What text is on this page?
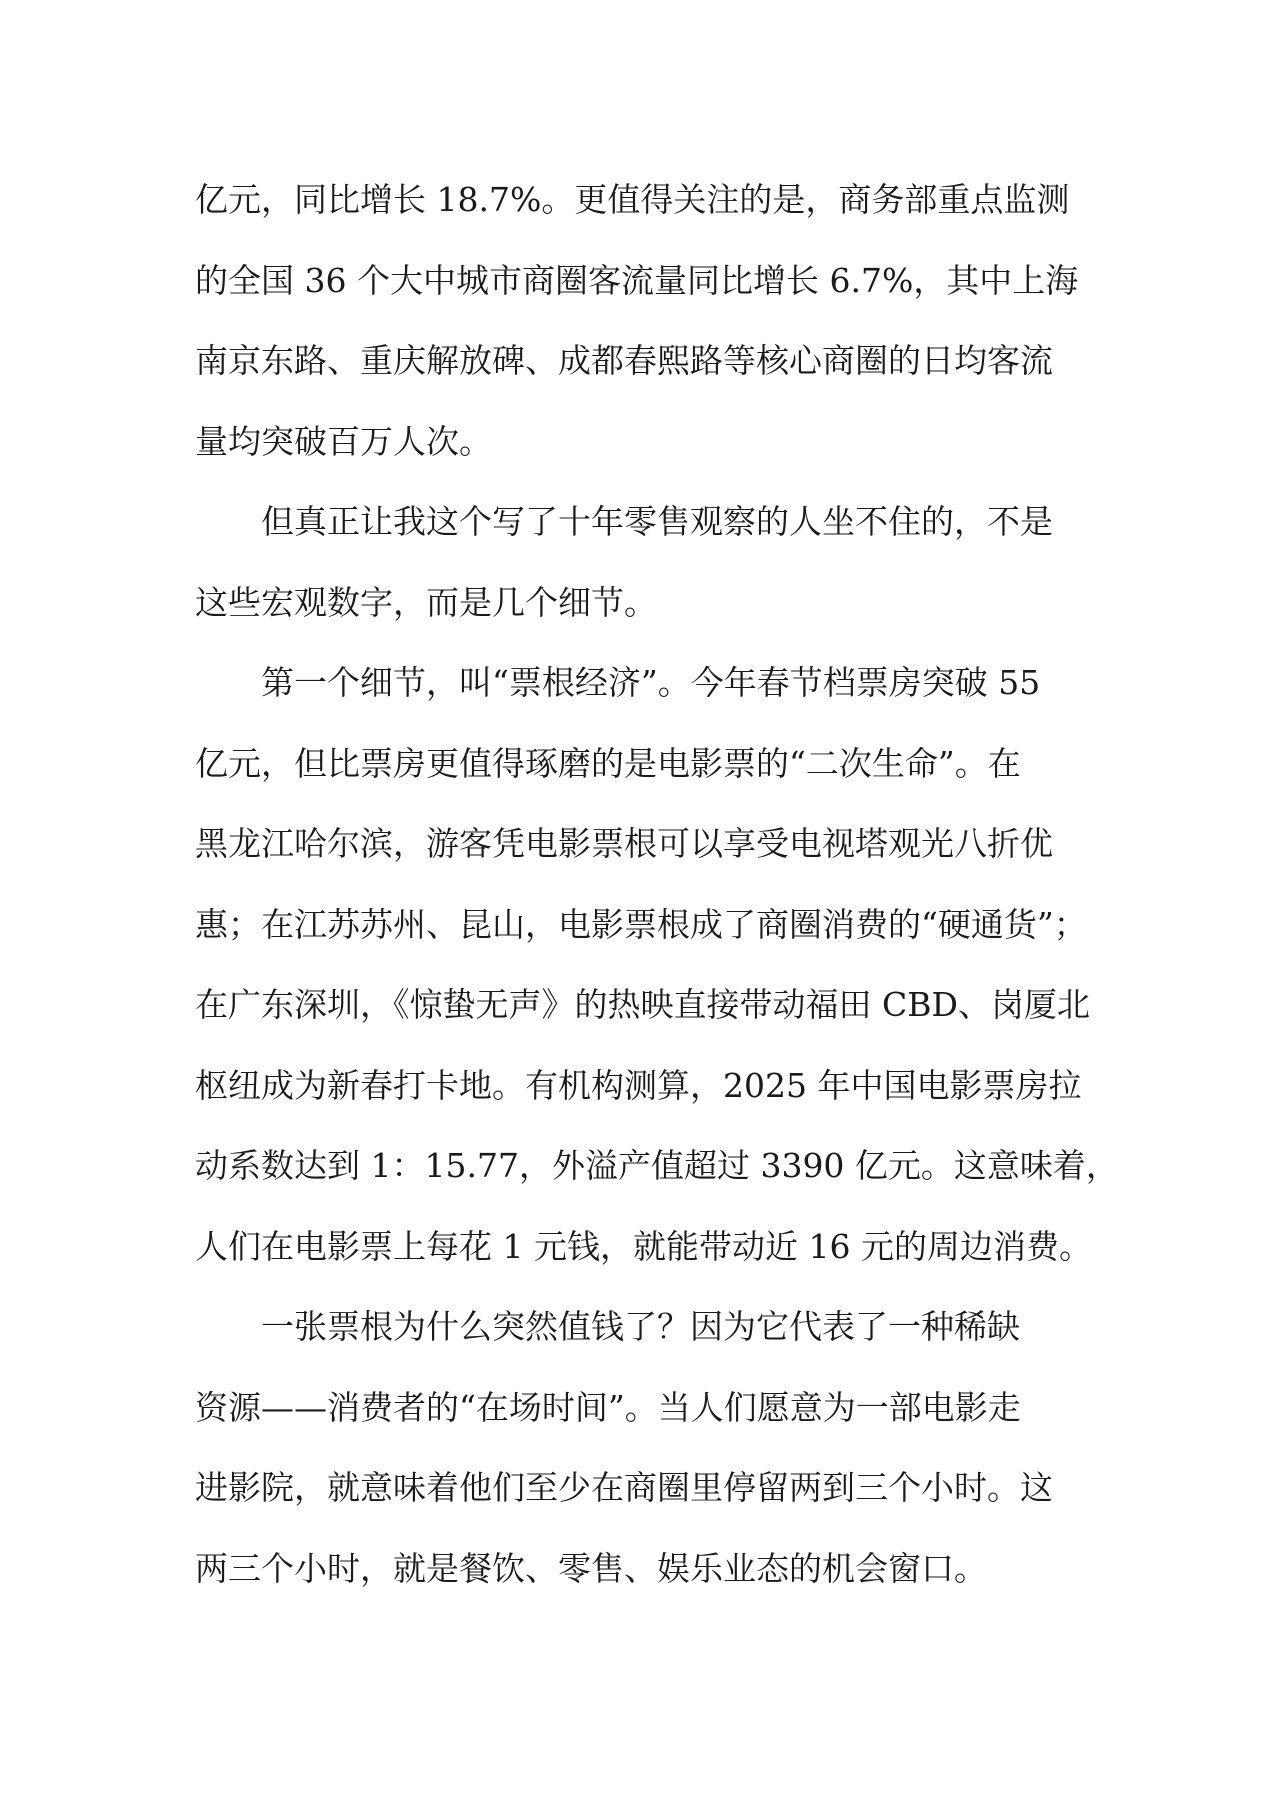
亿元，同比增长 18.7%。更值得关注的是，商务部重点监测
的全国 36 个大中城市商圈客流量同比增长 6.7%，其中上海
南京东路、重庆解放碑、成都春熙路等核心商圈的日均客流
量均突破百万人次。

但真正让我这个写了十年零售观察的人坐不住的，不是
这些宏观数字，而是几个细节。

第一个细节，叫“票根经济”。今年春节档票房突破 55
亿元，但比票房更值得琢磨的是电影票的“二次生命”。在
黑龙江哈尔滨，游客凭电影票根可以享受电视塔观光八折优
惠；在江苏苏州、昆山，电影票根成了商圈消费的“硬通货”；
在广东深圳，《惊蛰无声》的热映直接带动福田 CBD、岗厦北
枢纽成为新春打卡地。有机构测算，2025 年中国电影票房拉
动系数达到 1：15.77，外溢产值超过 3390 亿元。这意味着，
人们在电影票上每花 1 元钱，就能带动近 16 元的周边消费。

一张票根为什么突然值钱了？因为它代表了一种稀缺
资源——消费者的“在场时间”。当人们愿意为一部电影走
进影院，就意味着他们至少在商圈里停留两到三个小时。这
两三个小时，就是餐饮、零售、娱乐业态的机会窗口。
